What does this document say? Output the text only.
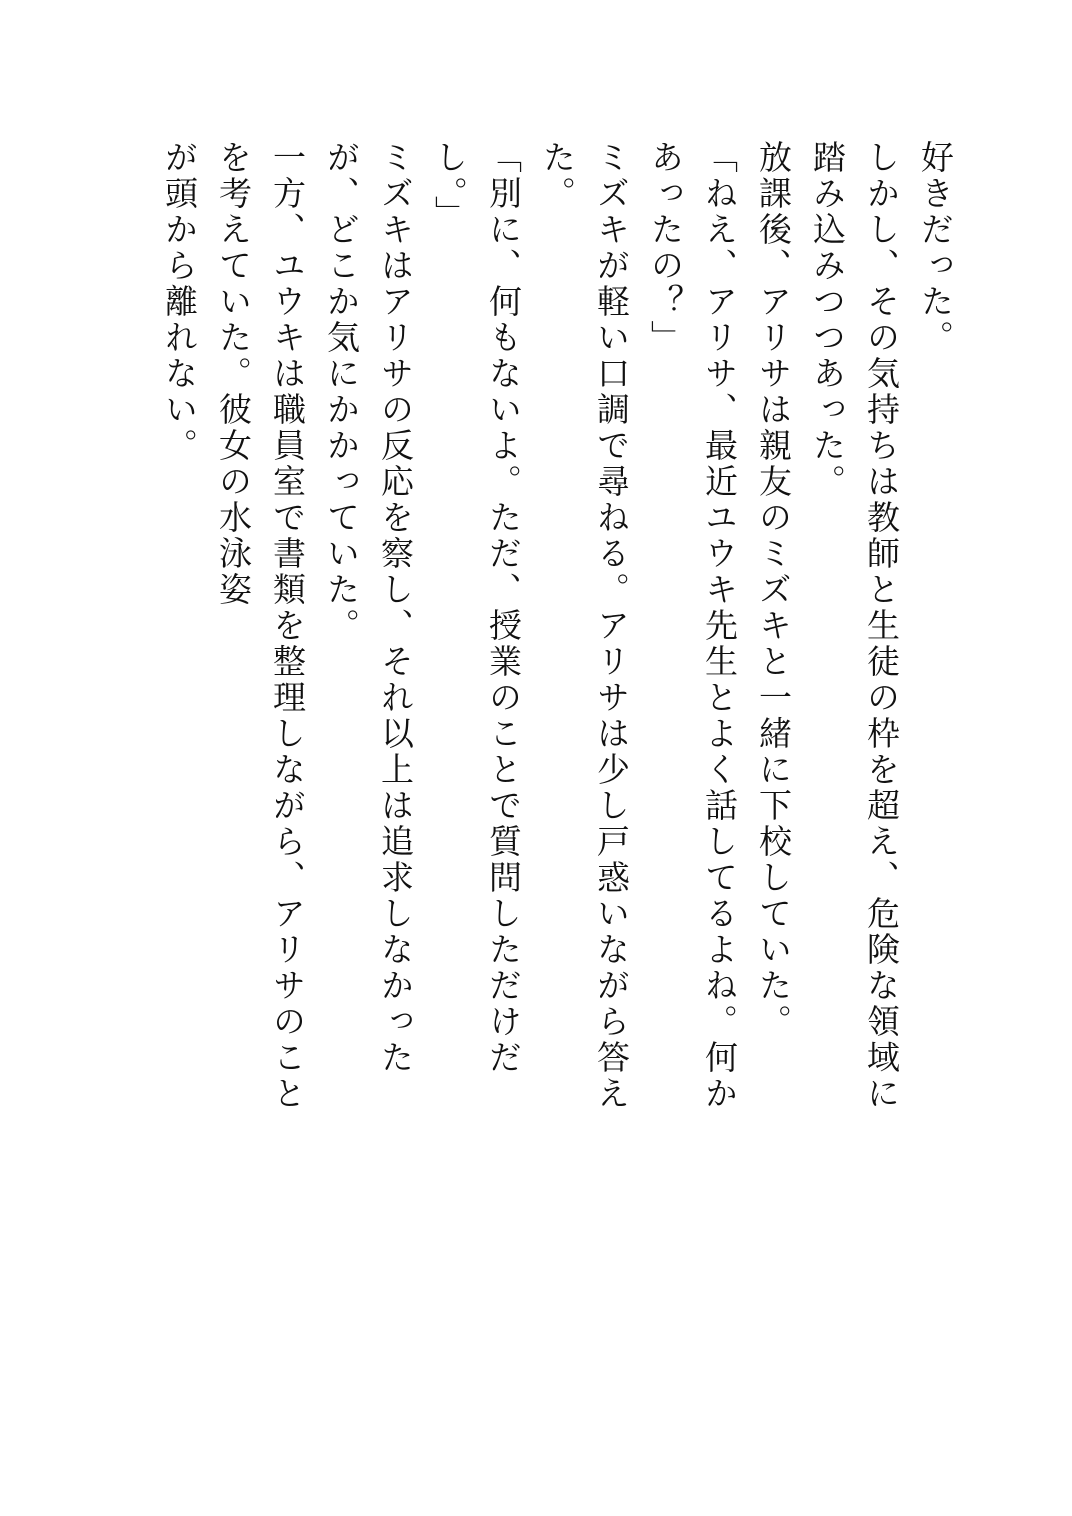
好きだった。

しかし、その気持ちは教師と生徒の枠を超え、危険な領域に踏み込みつつあった。

放課後、アリサは親友のミズキと一緒に下校していた。

「ねえ、アリサ、最近ユウキ先生とよく話してるよね。何かあったの？」

ミズキが軽い口調で尋ねる。アリサは少し戸惑いながら答えた。

「別に、何もないよ。ただ、授業のことで質問しただけだし。」

ミズキはアリサの反応を察し、それ以上は追求しなかったが、どこか気にかかっていた。

一方、ユウキは職員室で書類を整理しながら、アリサのことを考えていた。彼女の水泳姿

が頭から離れない。
